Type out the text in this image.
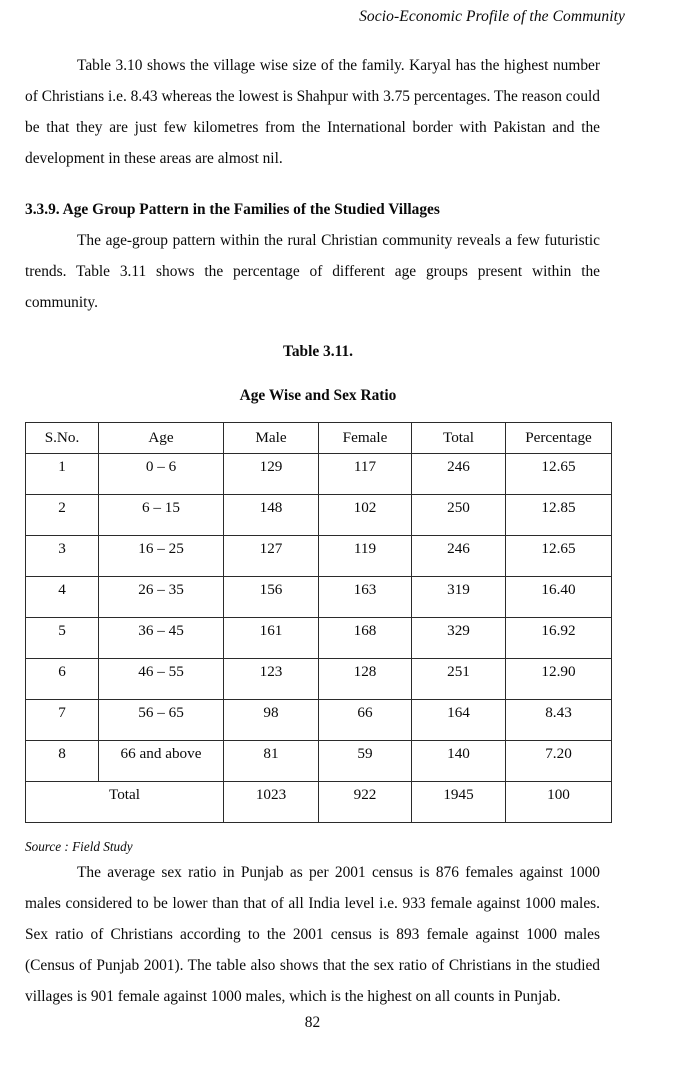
Socio-Economic Profile of the Community

Table 3.10 shows the village wise size of the family. Karyal has the highest number of Christians i.e. 8.43 whereas the lowest is Shahpur with 3.75 percentages. The reason could be that they are just few kilometres from the International border with Pakistan and the development in these areas are almost nil.

3.3.9. Age Group Pattern in the Families of the Studied Villages

The age-group pattern within the rural Christian community reveals a few futuristic trends. Table 3.11 shows the percentage of different age groups present within the community.

Table 3.11.
Age Wise and Sex Ratio
S.No.	Age	Male	Female	Total	Percentage
1	0 – 6	129	117	246	12.65
2	6 – 15	148	102	250	12.85
3	16 – 25	127	119	246	12.65
4	26 – 35	156	163	319	16.40
5	36 – 45	161	168	329	16.92
6	46 – 55	123	128	251	12.90
7	56 – 65	98	66	164	8.43
8	66 and above	81	59	140	7.20
Total		1023	922	1945	100
Source : Field Study

The average sex ratio in Punjab as per 2001 census is 876 females against 1000 males considered to be lower than that of all India level i.e. 933 female against 1000 males. Sex ratio of Christians according to the 2001 census is 893 female against 1000 males (Census of Punjab 2001). The table also shows that the sex ratio of Christians in the studied villages is 901 female against 1000 males, which is the highest on all counts in Punjab.

82
